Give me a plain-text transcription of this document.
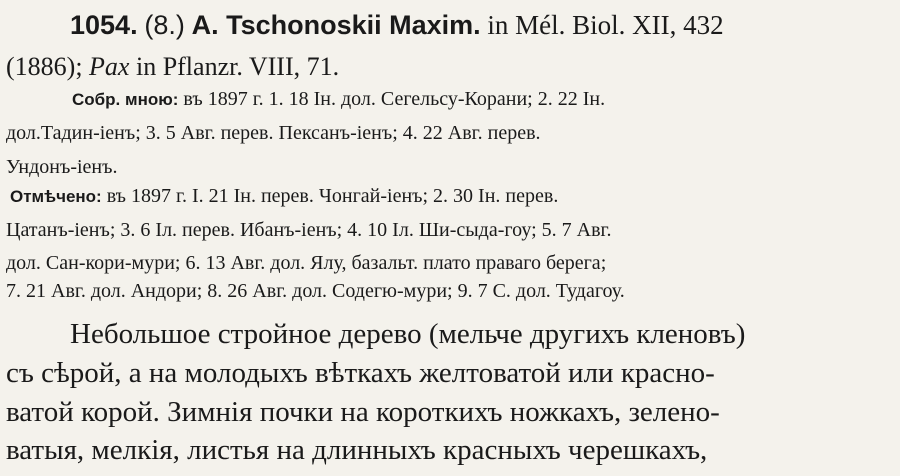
1054. (8.) A. Tschonoskii Maxim. in Mél. Biol. XII, 432
(1886); Pax in Pflanzr. VIII, 71.
Собр. мною: въ 1897 г. 1. 18 Iн. дол. Сегельсу-Корани; 2. 22 Iн.
дол.Тадин-іенъ; 3. 5 Авг. перев. Пексанъ-іенъ; 4. 22 Авг. перев.
Ундонъ-іенъ.
Отмѣчено: въ 1897 г. I. 21 Iн. перев. Чонгай-іенъ; 2. 30 Iн. перев.
Цатанъ-іенъ; 3. 6 Iл. перев. Ибанъ-іенъ; 4. 10 Iл. Ши-сыда-гоу; 5. 7 Авг.
дол. Сан-кори-мури; 6. 13 Авг. дол. Ялу, базальт. плато праваго берега;
7. 21 Авг. дол. Андори; 8. 26 Авг. дол. Содегю-мури; 9. 7 С. дол. Тудагоу.
Небольшое стройное дерево (мельче другихъ кленовъ)
съ сѣрой, а на молодыхъ вѣткахъ желтоватой или красно-
ватой корой. Зимнія почки на короткихъ ножкахъ, зелено-
ватыя, мелкія, листья на длинныхъ красныхъ черешкахъ,
